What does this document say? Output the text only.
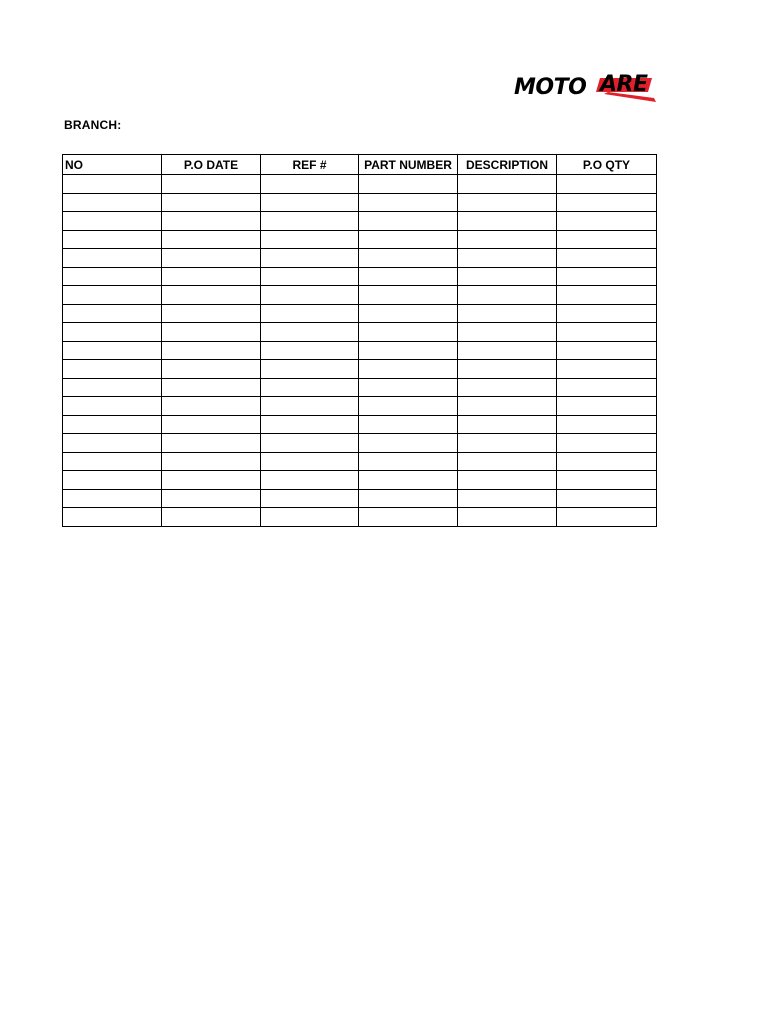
MOTO ARE
BRANCH:
NO	P.O DATE	REF #	PART NUMBER	DESCRIPTION	P.O QTY
